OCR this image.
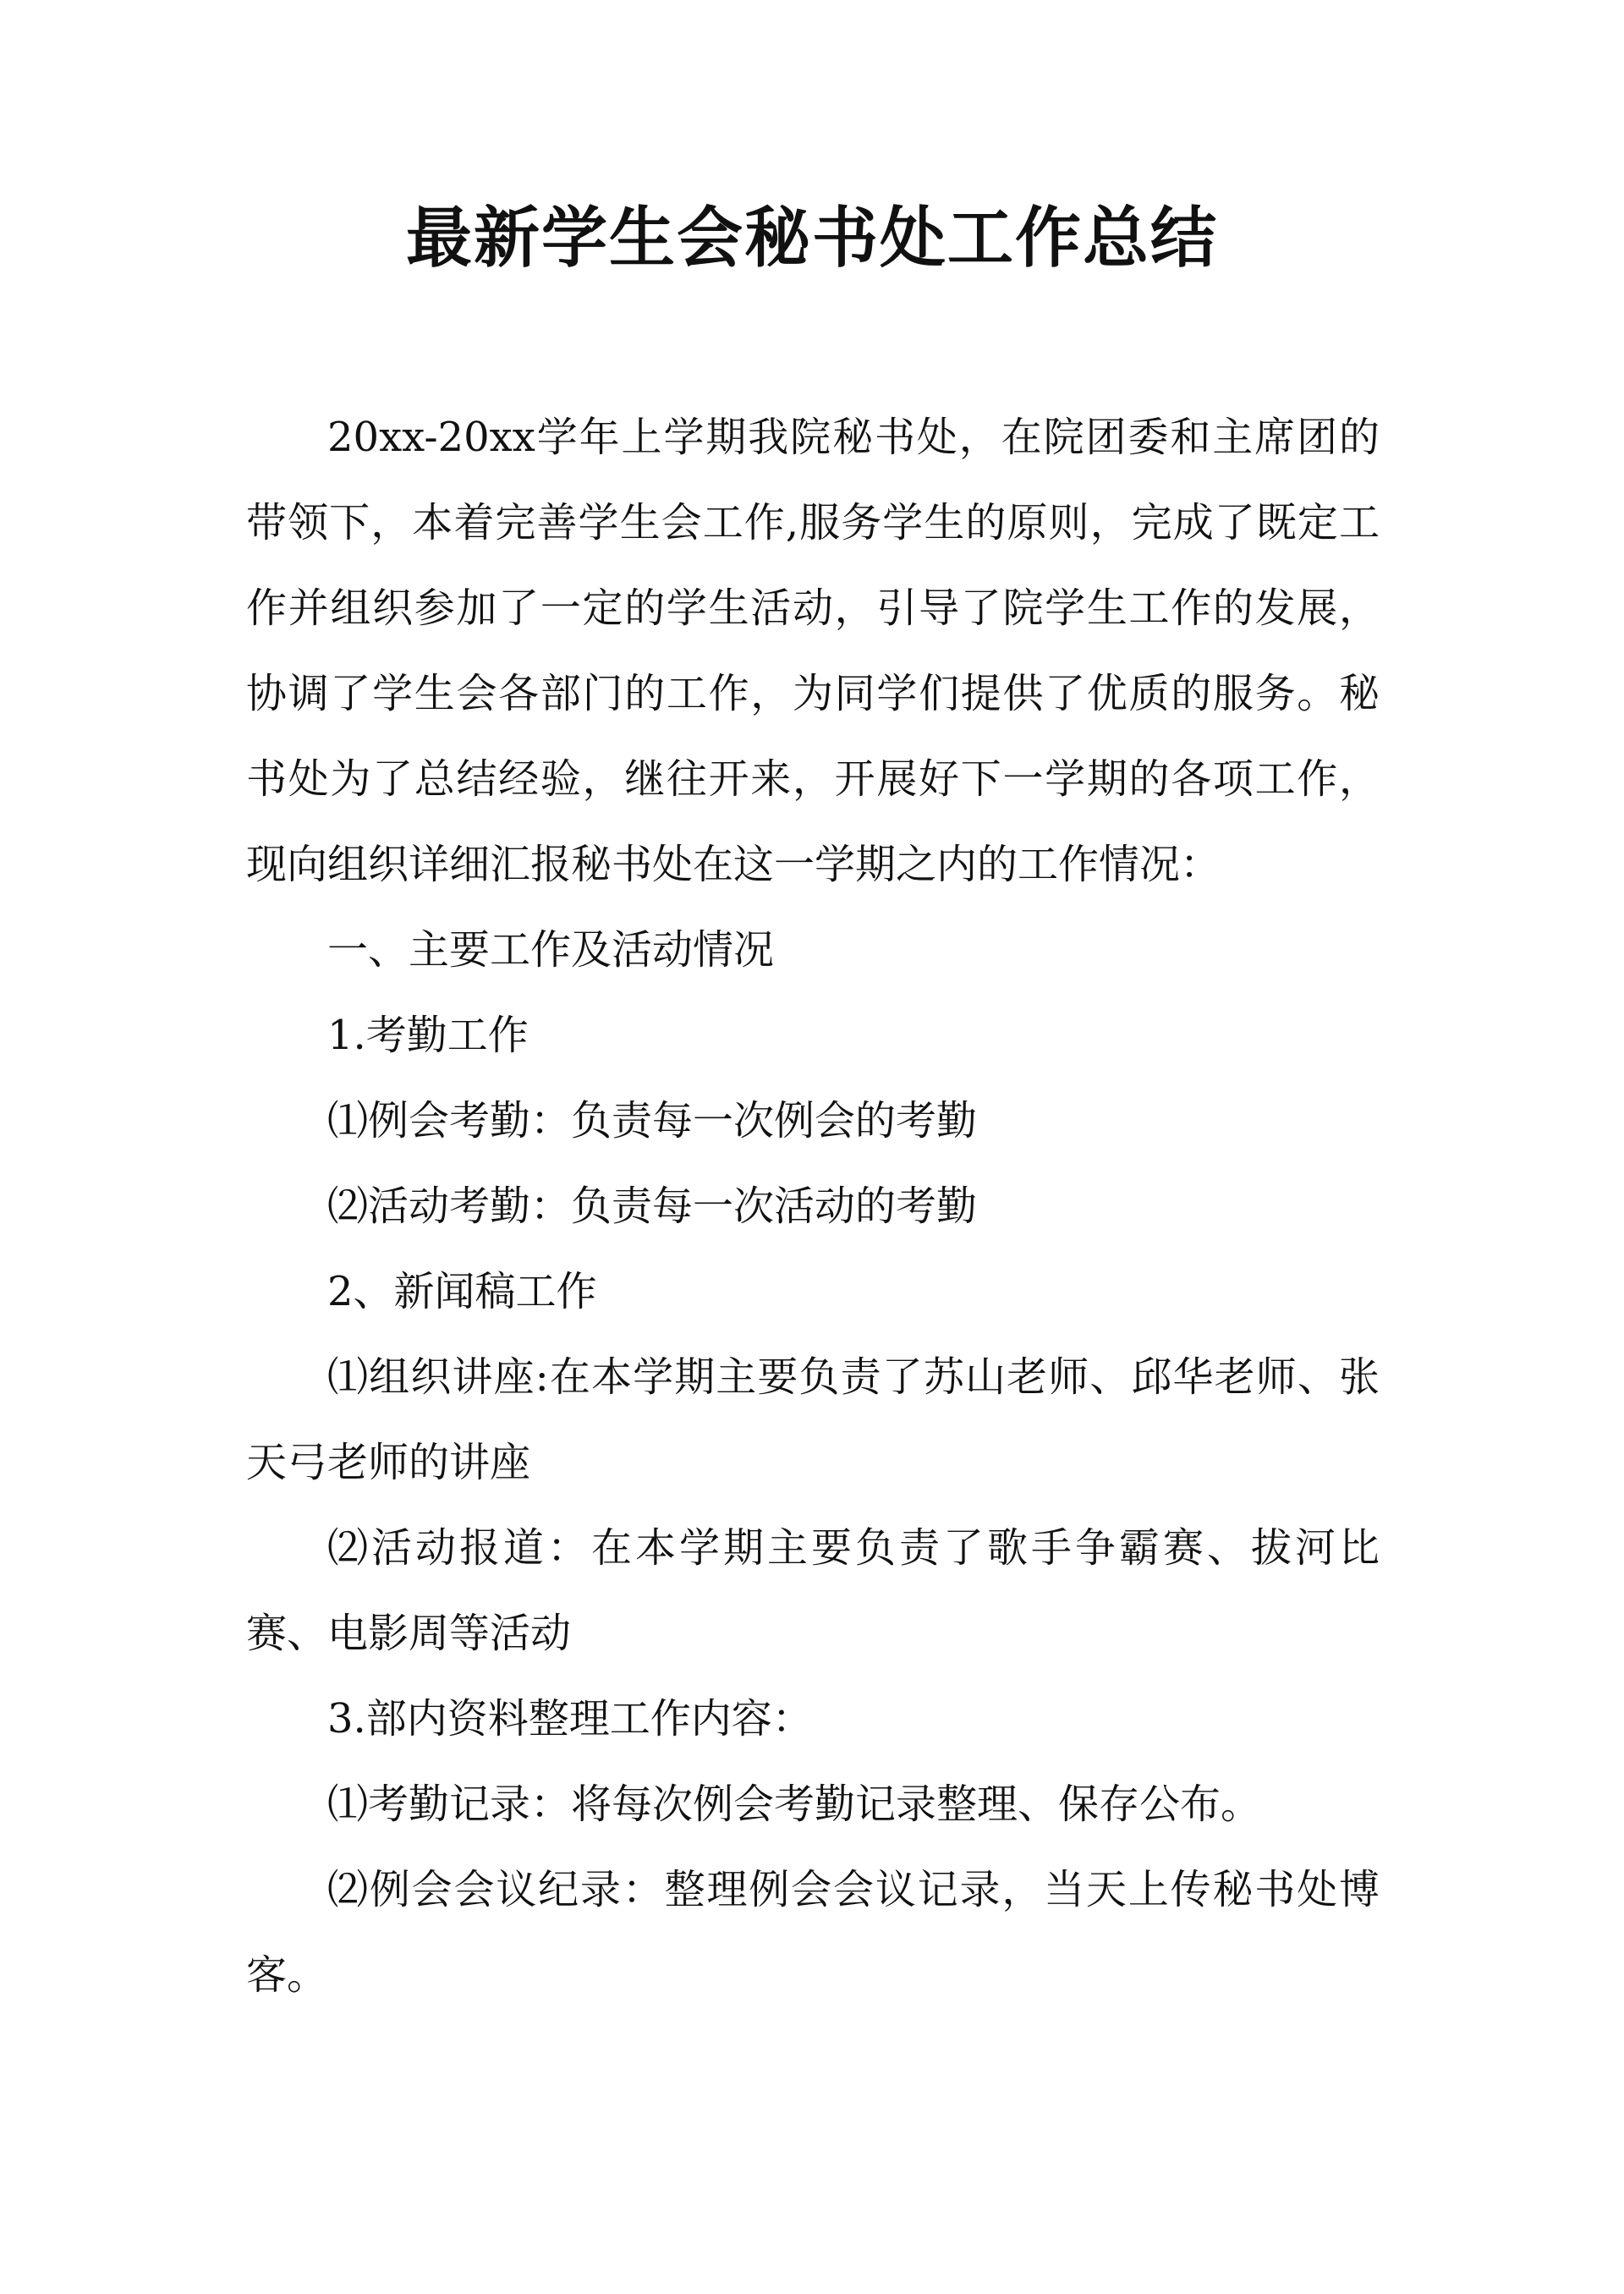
最新学生会秘书处工作总结

20xx-20xx学年上学期我院秘书处，在院团委和主席团的带领下，本着完善学生会工作,服务学生的原则，完成了既定工作并组织参加了一定的学生活动，引导了院学生工作的发展，协调了学生会各部门的工作，为同学们提供了优质的服务。秘书处为了总结经验，继往开来，开展好下一学期的各项工作，现向组织详细汇报秘书处在这一学期之内的工作情况：

一、主要工作及活动情况

1.考勤工作

⑴例会考勤：负责每一次例会的考勤

⑵活动考勤：负责每一次活动的考勤

2、新闻稿工作

⑴组织讲座:在本学期主要负责了苏山老师、邱华老师、张天弓老师的讲座

⑵活动报道：在本学期主要负责了歌手争霸赛、拔河比赛、电影周等活动

3.部内资料整理工作内容：

⑴考勤记录：将每次例会考勤记录整理、保存公布。

⑵例会会议纪录：整理例会会议记录，当天上传秘书处博客。
